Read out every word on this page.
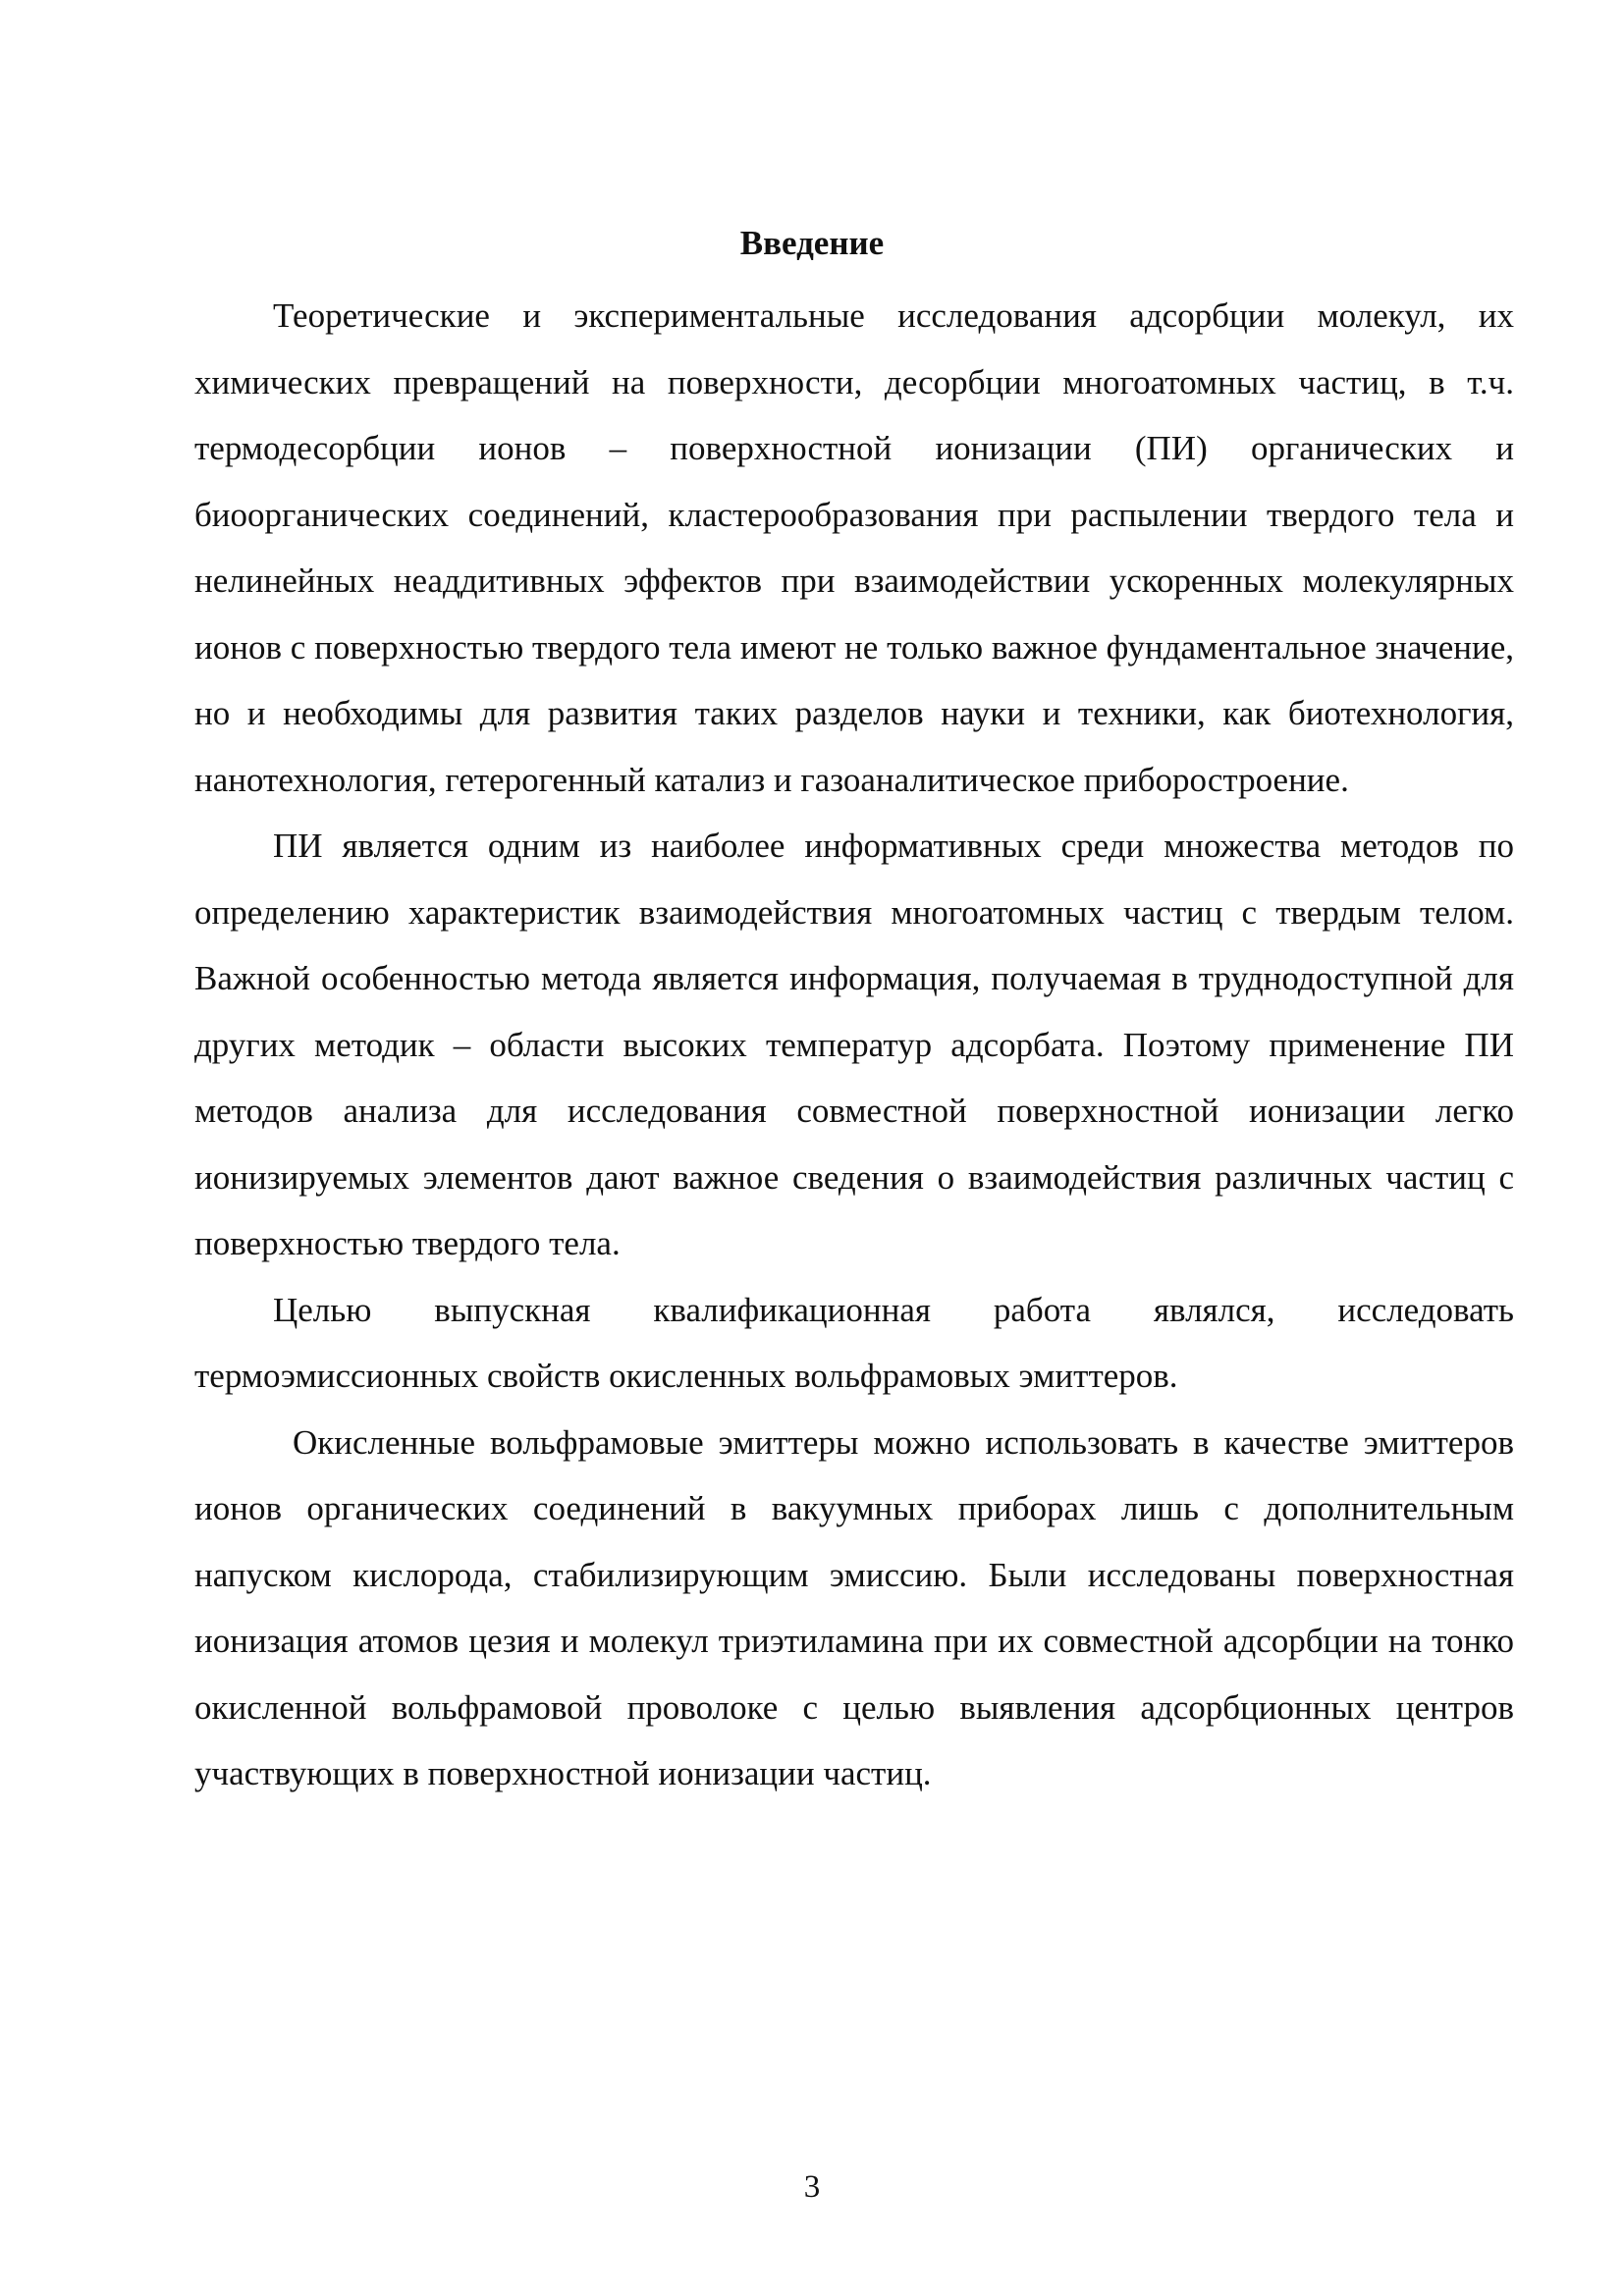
Введение

Теоретические и экспериментальные исследования адсорбции молекул, их химических превращений на поверхности, десорбции многоатомных частиц, в т.ч. термодесорбции ионов – поверхностной ионизации (ПИ) органических и биоорганических соединений, кластерообразования при распылении твердого тела и нелинейных неаддитивных эффектов при взаимодействии ускоренных молекулярных ионов с поверхностью твердого тела имеют не только важное фундаментальное значение, но и необходимы для развития таких разделов науки и техники, как биотехнология, нанотехнология, гетерогенный катализ и газоаналитическое приборостроение.

ПИ является одним из наиболее информативных среди множества методов по определению характеристик взаимодействия многоатомных частиц с твердым телом. Важной особенностью метода является информация, получаемая в труднодоступной для других методик – области высоких температур адсорбата. Поэтому применение ПИ методов анализа для исследования совместной поверхностной ионизации легко ионизируемых элементов дают важное сведения о взаимодействия различных частиц с поверхностью твердого тела.

Целью выпускная квалификационная работа являлся, исследовать термоэмиссионных свойств окисленных вольфрамовых эмиттеров.

Окисленные вольфрамовые эмиттеры можно использовать в качестве эмиттеров ионов органических соединений в вакуумных приборах лишь с дополнительным напуском кислорода, стабилизирующим эмиссию. Были исследованы поверхностная ионизация атомов цезия и молекул триэтиламина при их совместной адсорбции на тонко окисленной вольфрамовой проволоке с целью выявления адсорбционных центров участвующих в поверхностной ионизации частиц.

3
